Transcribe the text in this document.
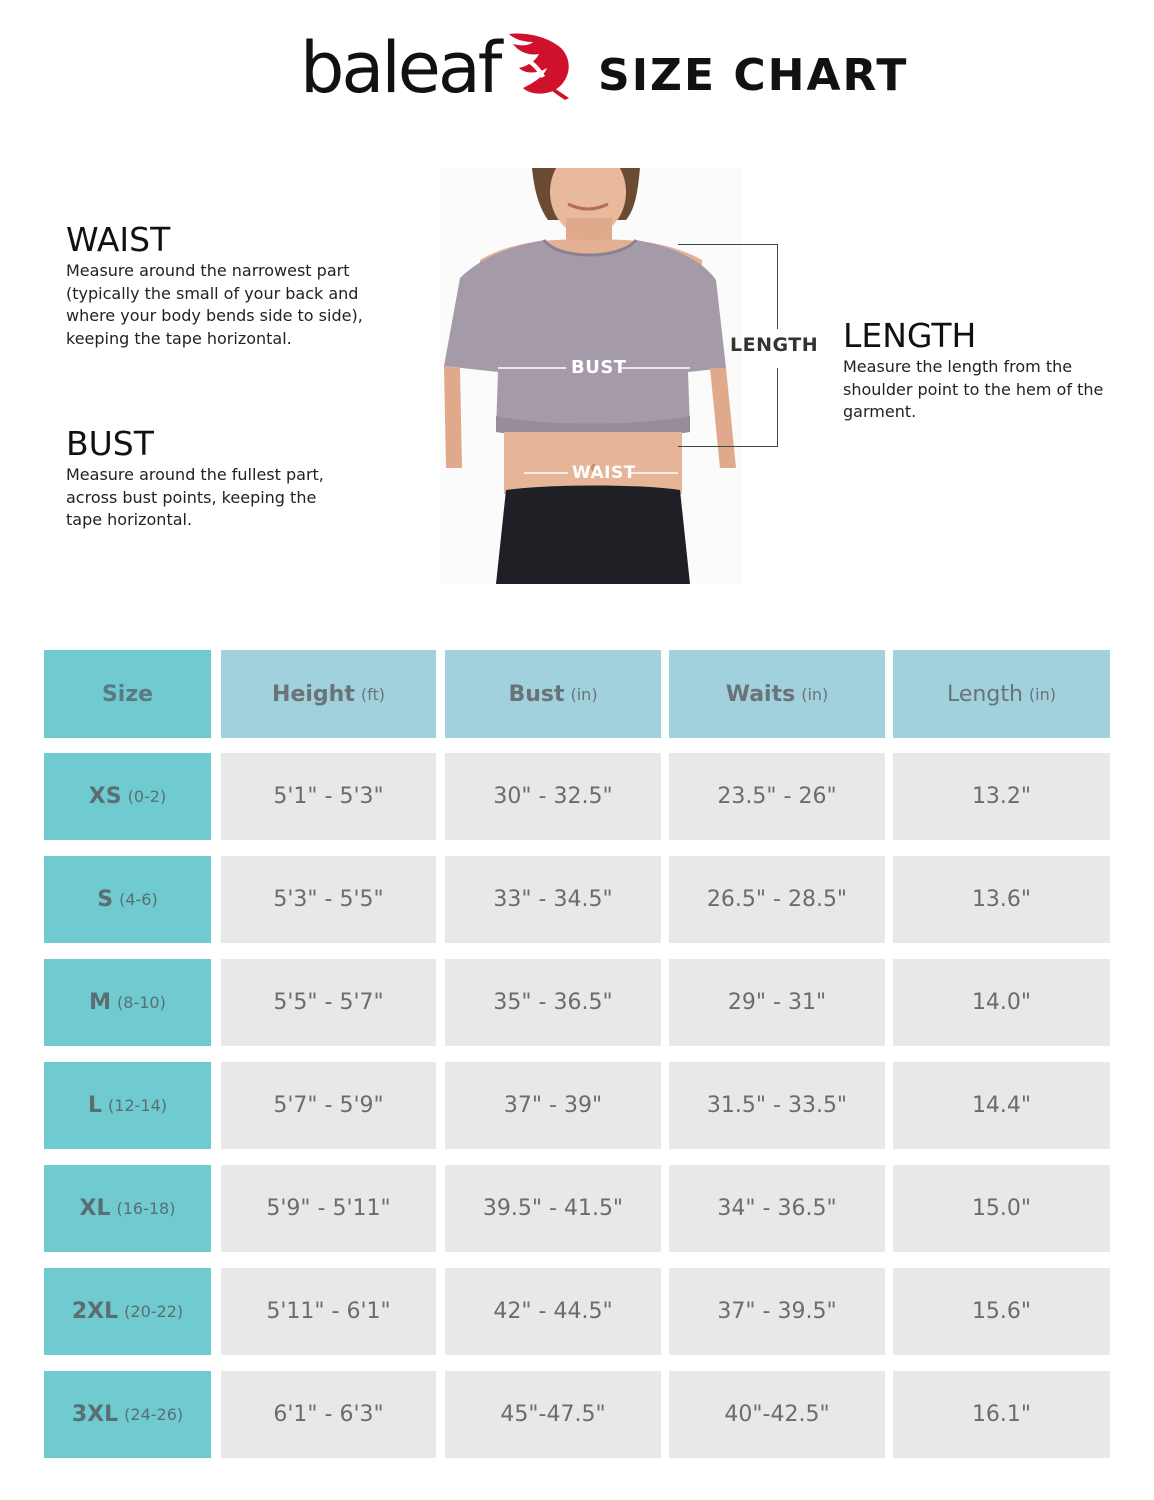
baleaf SIZE CHART
WAIST

Measure around the narrowest part
(typically the small of your back and
where your body bends side to side),
keeping the tape horizontal.

BUST

Measure around the fullest part,
across bust points, keeping the
tape horizontal.

LENGTH

Measure the length from the
shoulder point to the hem of the
garment.

BUST
WAIST
LENGTH
Size	Height (ft)	Bust (in)	Waits (in)	Length (in)
XS (0-2)	5'1" - 5'3"	30" - 32.5"	23.5" - 26"	13.2"
S (4-6)	5'3" - 5'5"	33" - 34.5"	26.5" - 28.5"	13.6"
M (8-10)	5'5" - 5'7"	35" - 36.5"	29" - 31"	14.0"
L (12-14)	5'7" - 5'9"	37" - 39"	31.5" - 33.5"	14.4"
XL (16-18)	5'9" - 5'11"	39.5" - 41.5"	34" - 36.5"	15.0"
2XL (20-22)	5'11" - 6'1"	42" - 44.5"	37" - 39.5"	15.6"
3XL (24-26)	6'1" - 6'3"	45"-47.5"	40"-42.5"	16.1"
